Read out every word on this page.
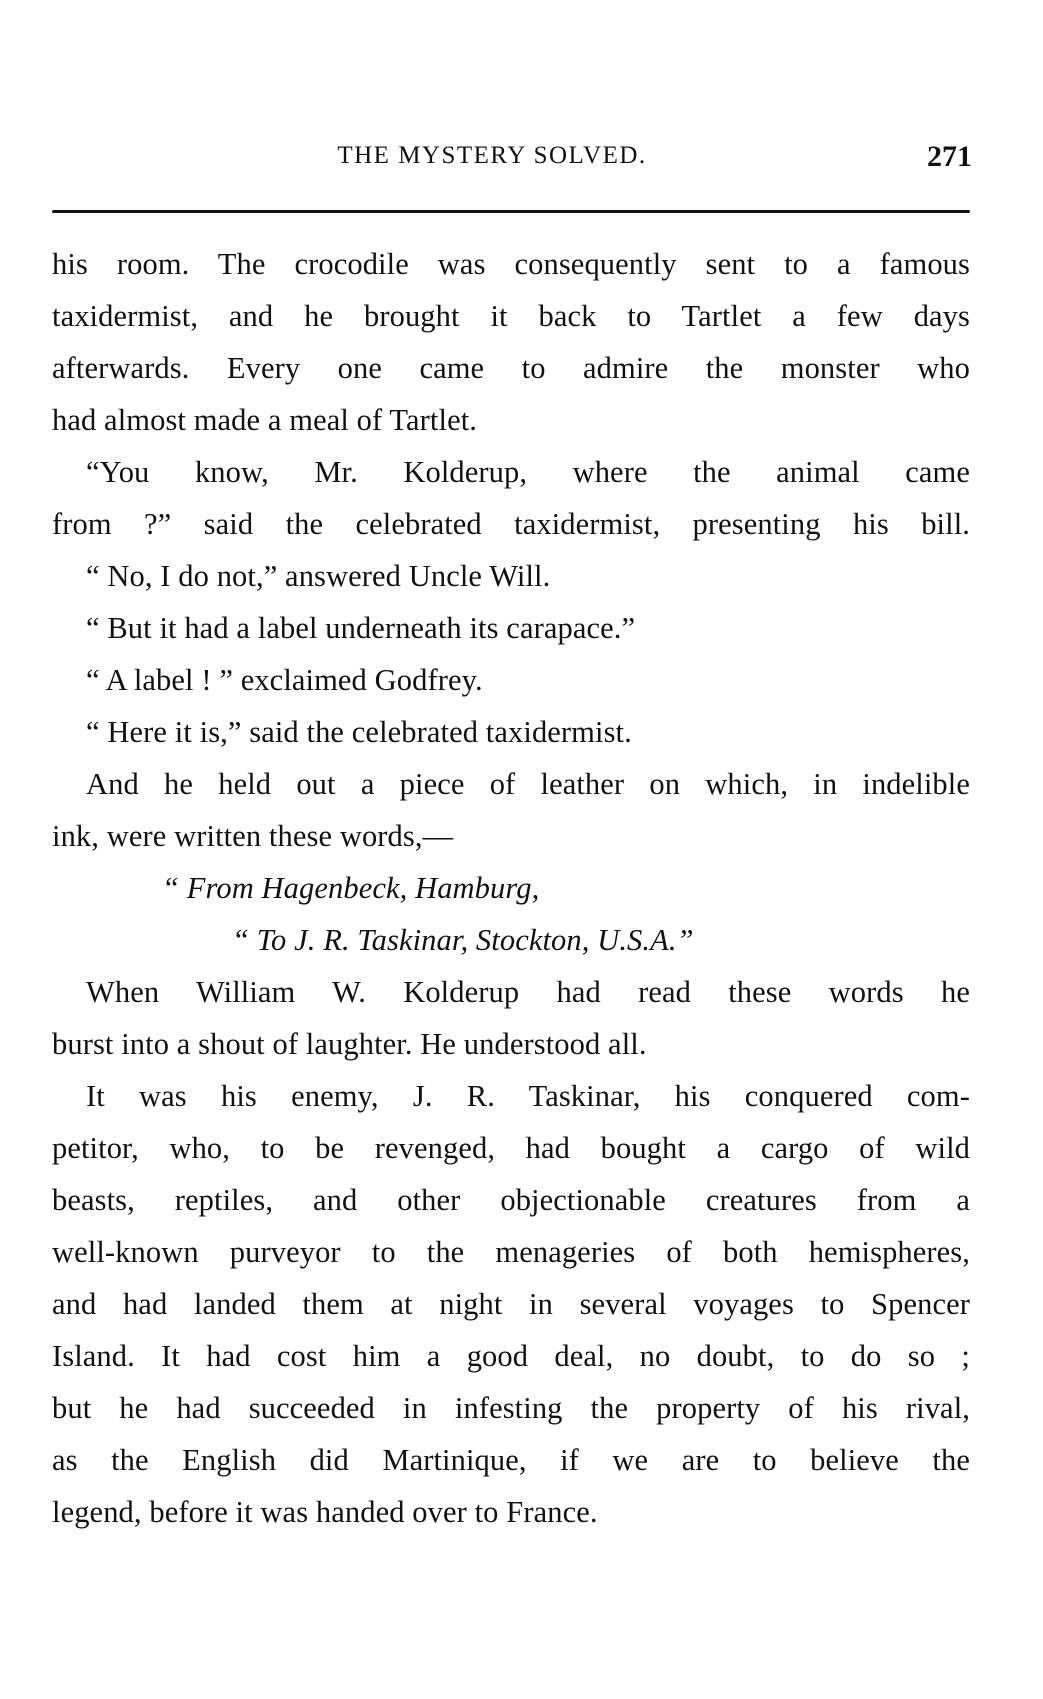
THE MYSTERY SOLVED.	271
his room. The crocodile was consequently sent to a famous
taxidermist, and he brought it back to Tartlet a few days
afterwards. Every one came to admire the monster who
had almost made a meal of Tartlet.
“You know, Mr. Kolderup, where the animal came
from ?” said the celebrated taxidermist, presenting his bill.
“ No, I do not,” answered Uncle Will.
“ But it had a label underneath its carapace.”
“ A label ! ” exclaimed Godfrey.
“ Here it is,” said the celebrated taxidermist.
And he held out a piece of leather on which, in indelible
ink, were written these words,—
“ From Hagenbeck, Hamburg,
“ To J. R. Taskinar, Stockton, U.S.A.”
When William W. Kolderup had read these words he
burst into a shout of laughter. He understood all.
It was his enemy, J. R. Taskinar, his conquered com-
petitor, who, to be revenged, had bought a cargo of wild
beasts, reptiles, and other objectionable creatures from a
well-known purveyor to the menageries of both hemispheres,
and had landed them at night in several voyages to Spencer
Island. It had cost him a good deal, no doubt, to do so ;
but he had succeeded in infesting the property of his rival,
as the English did Martinique, if we are to believe the
legend, before it was handed over to France.
